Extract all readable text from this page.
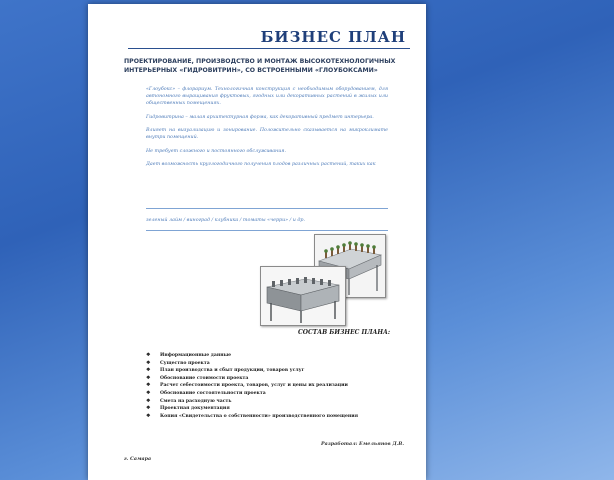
БИЗНЕС ПЛАН
ПРОЕКТИРОВАНИЕ, ПРОИЗВОДСТВО И МОНТАЖ ВЫСОКОТЕХНОЛОГИЧНЫХ ИНТЕРЬЕРНЫХ «ГИДРОВИТРИН», СО ВСТРОЕННЫМИ «ГЛОУБОКСАМИ»

«Глоубокс» – флорариум. Технологичная конструкция с необходимым оборудованием, для автономного выращивания фруктовых, ягодных или декоративных растений в жилых или общественных помещениях.

Гидровитрина – малая архитектурная форма, как декоративный предмет интерьера.

Влияет на визуализацию и зонирование. Положительно сказывается на микроклимате внутри помещений.

Не требует сложного и постоянного обслуживания.

Дает возможность круглогодичного получения плодов различных растений, таких как

зеленый лайм / виноград / клубника / томаты «черри» / и др.
СОСТАВ БИЗНЕС ПЛАНА:
❖ Информационные данные
❖ Существо проекта
❖ План производства и сбыт продукции, товаров услуг
❖ Обоснование стоимости проекта
❖ Расчет себестоимости проекта, товаров, услуг и цены их реализации
❖ Обоснование состоятельности проекта
❖ Смета на расходную часть
❖ Проектная документация
❖ Копия «Свидетельства о собственности» производственного помещения
Разработал: Емельянов Д.В.
г. Самара
